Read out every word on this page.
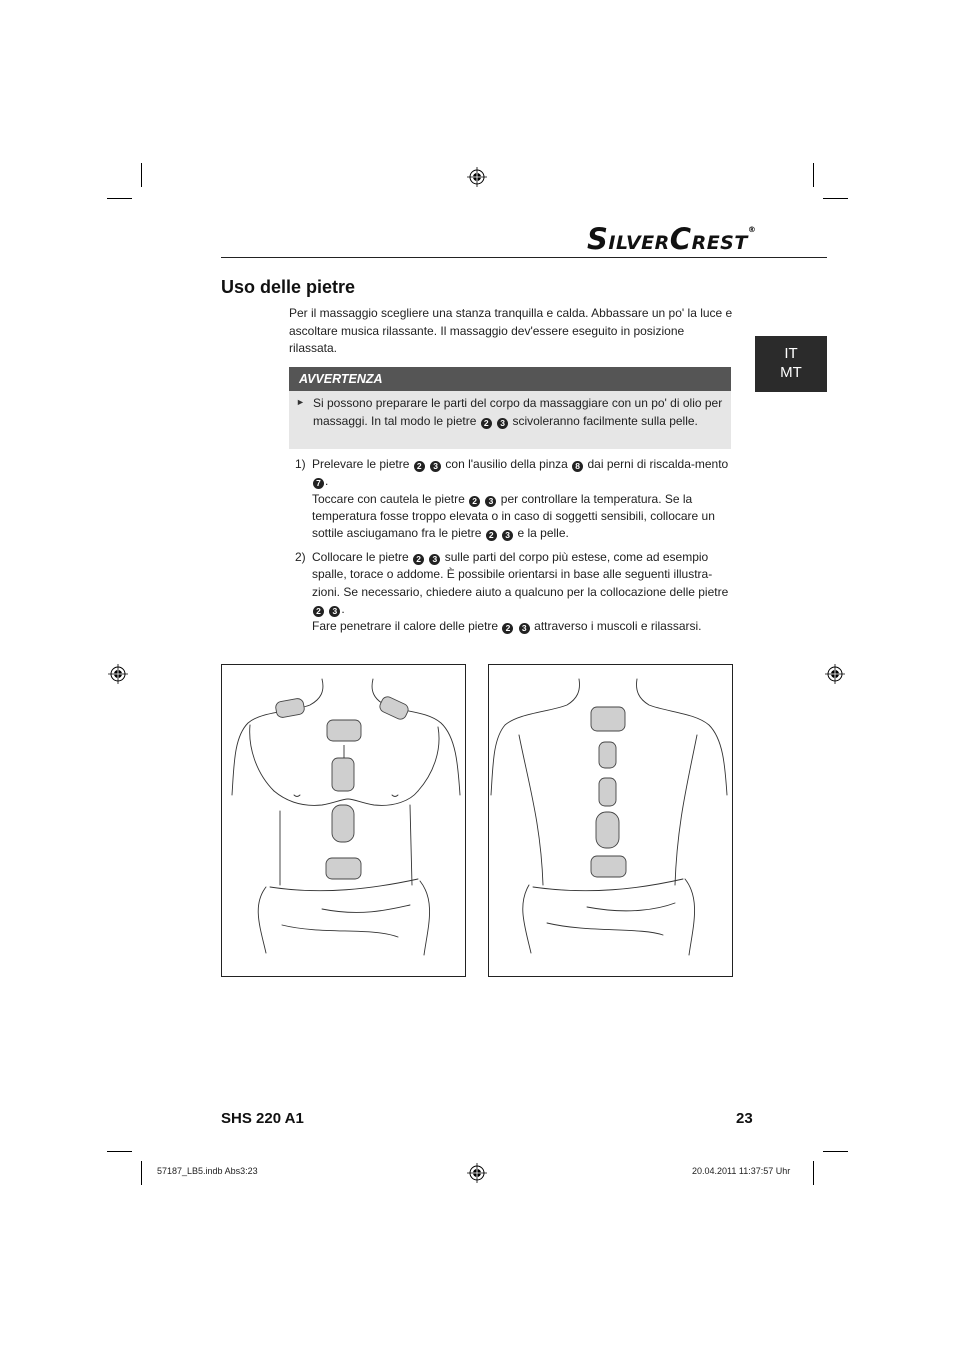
SILVERCREST®
Uso delle pietre
IT
MT
Per il massaggio scegliere una stanza tranquilla e calda. Abbassare un po' la luce e ascoltare musica rilassante. Il massaggio dev'essere eseguito in posizione rilassata.
AVVERTENZA
► Si possono preparare le parti del corpo da massaggiare con un po' di olio per massaggi. In tal modo le pietre 2 3 scivoleranno facilmente sulla pelle.
1) Prelevare le pietre 2 3 con l'ausilio della pinza 8 dai perni di riscalda-mento 7 .

Toccare con cautela le pietre 2 3 per controllare la temperatura. Se la temperatura fosse troppo elevata o in caso di soggetti sensibili, collocare un sottile asciugamano fra le pietre 2 3 e la pelle.

2) Collocare le pietre 2 3 sulle parti del corpo più estese, come ad esempio spalle, torace o addome. È possibile orientarsi in base alle seguenti illustra-zioni. Se necessario, chiedere aiuto a qualcuno per la collocazione delle pietre 2 3 .

Fare penetrare il calore delle pietre 2 3 attraverso i muscoli e rilassarsi.

SHS 220 A1	23
57187_LB5.indb Abs3:23	20.04.2011 11:37:57 Uhr
